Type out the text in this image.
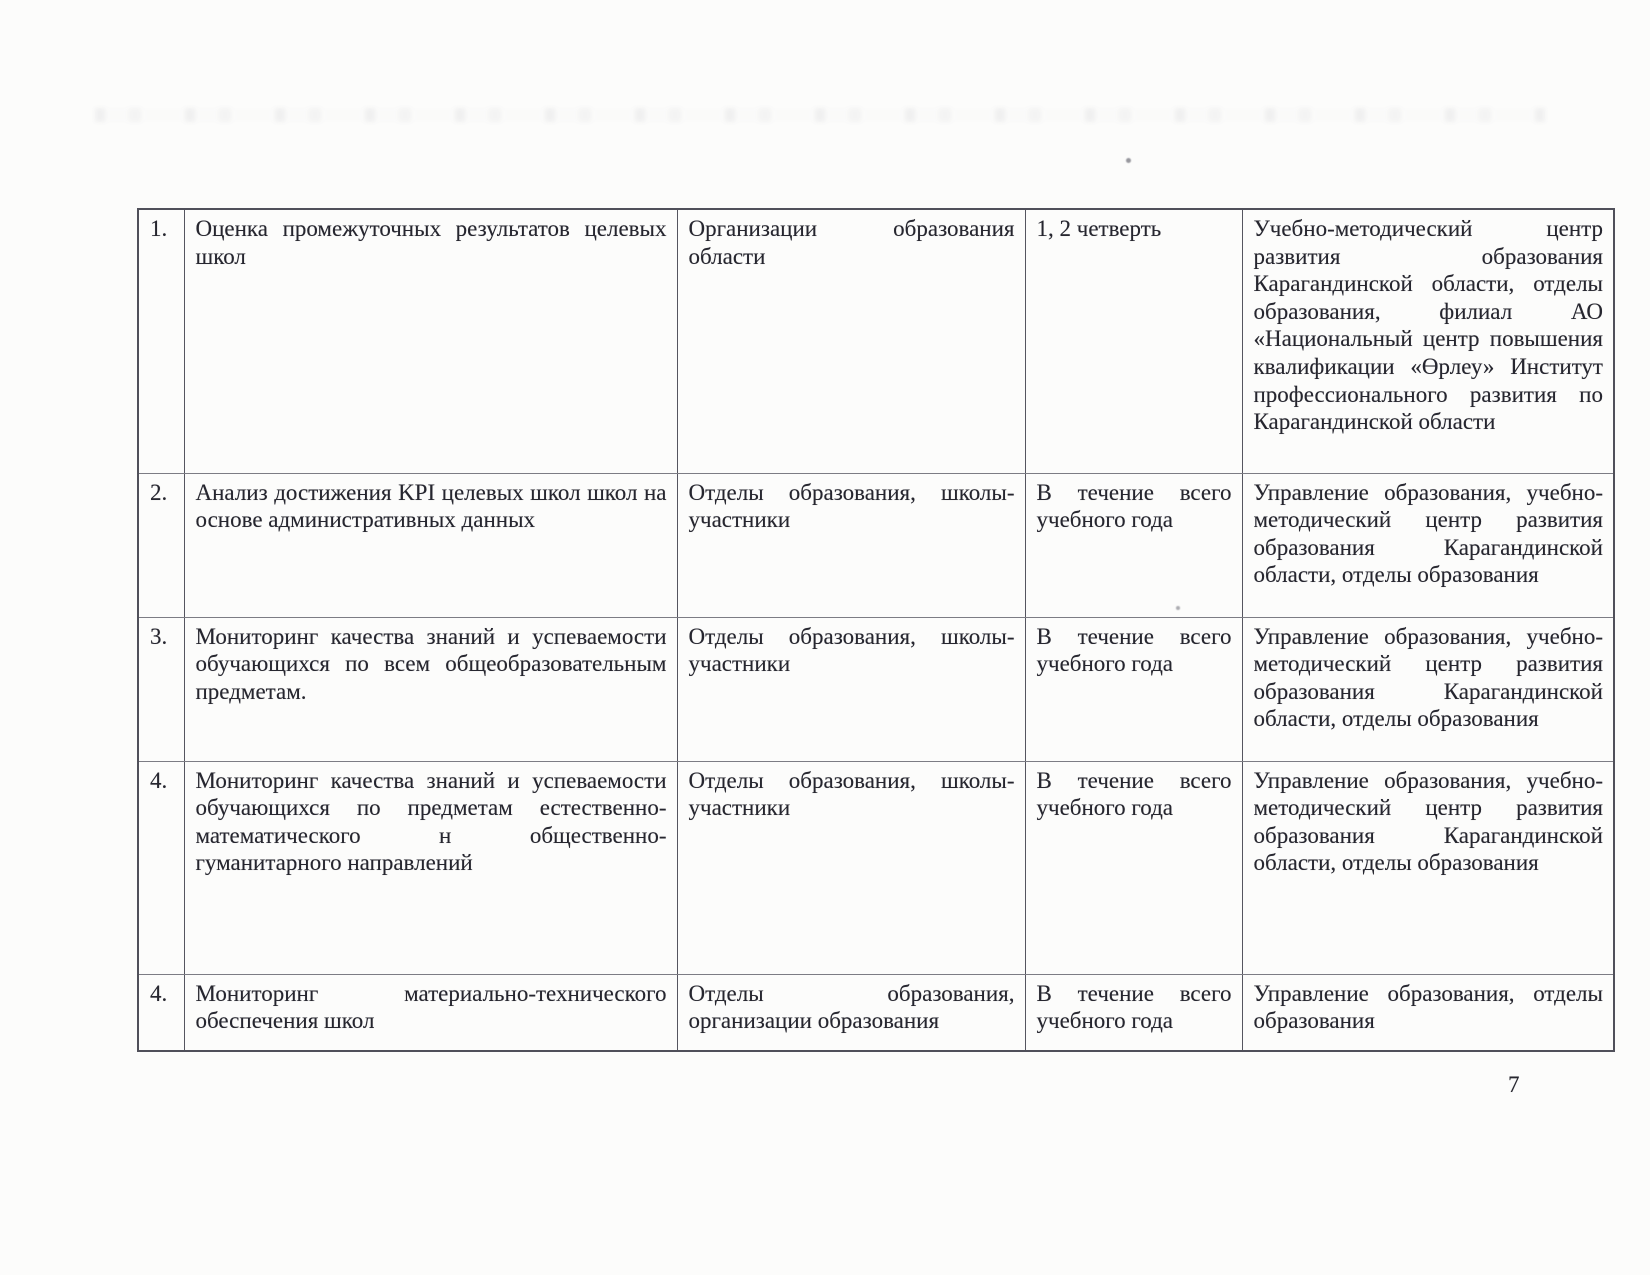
1.	Оценка промежуточных результатов целевых школ	Организации образования области	1, 2 четверть	Учебно-методический центр развития образования Карагандинской области, отделы образования, филиал АО «Национальный центр повышения квалификации «Өрлеу» Институт профессионального развития по Карагандинской области
2.	Анализ достижения KPI целевых школ школ на основе административных данных	Отделы образования, школы-участники	В течение всего учебного года	Управление образования, учебно-методический центр развития образования Карагандинской области, отделы образования
3.	Мониторинг качества знаний и успеваемости обучающихся по всем общеобразовательным предметам.	Отделы образования, школы-участники	В течение всего учебного года	Управление образования, учебно-методический центр развития образования Карагандинской области, отделы образования
4.	Мониторинг качества знаний и успеваемости обучающихся по предметам естественно-математического н общественно-гуманитарного направлений	Отделы образования, школы-участники	В течение всего учебного года	Управление образования, учебно-методический центр развития образования Карагандинской области, отделы образования
4.	Мониторинг материально-технического обеспечения школ	Отделы образования, организации образования	В течение всего учебного года	Управление образования, отделы образования
7
